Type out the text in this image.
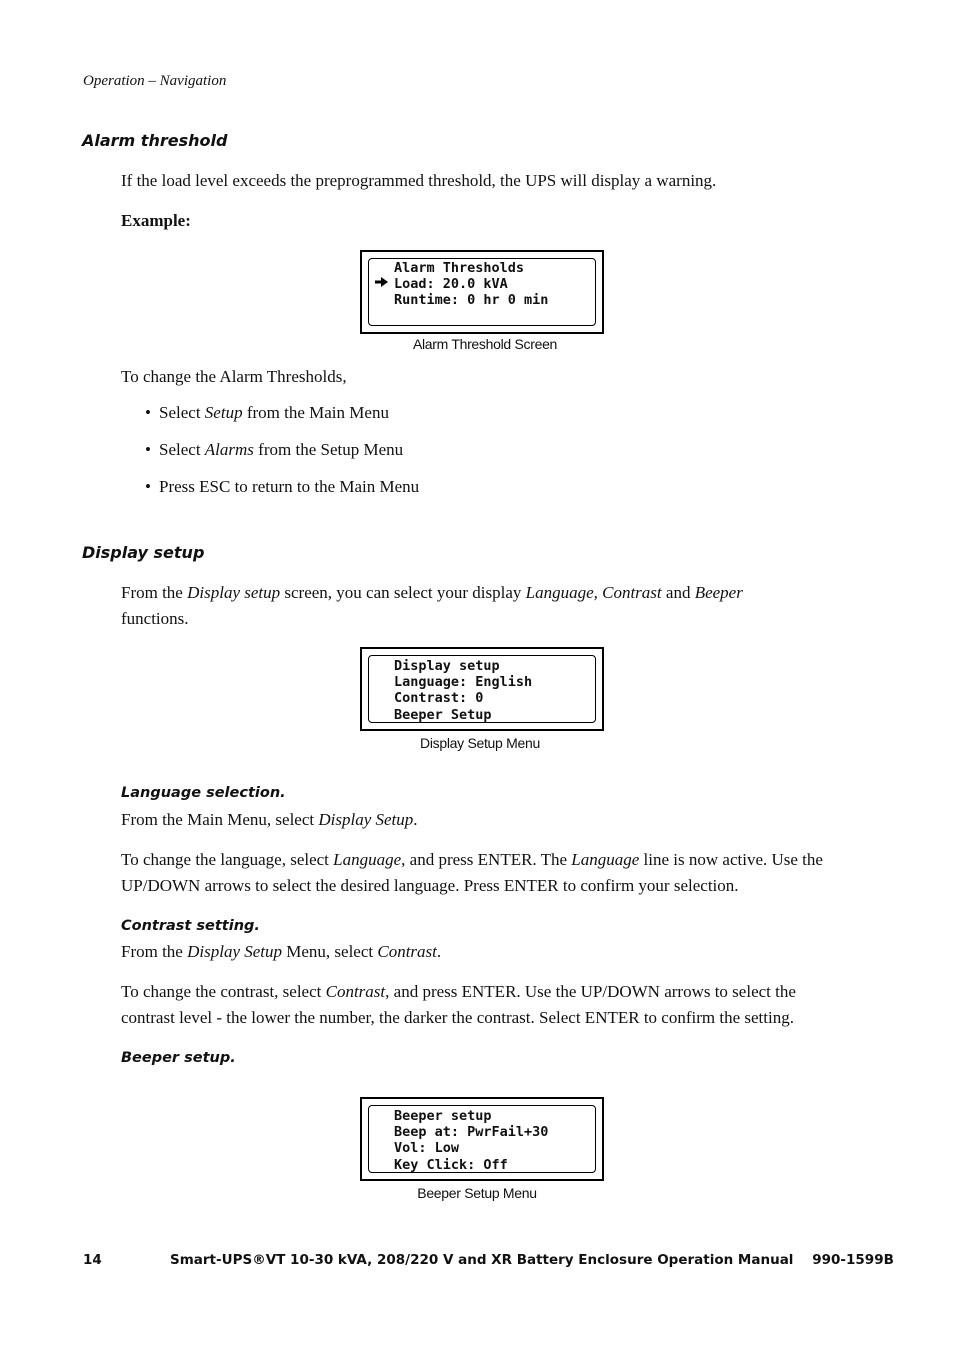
Operation – Navigation
Alarm threshold
If the load level exceeds the preprogrammed threshold, the UPS will display a warning.
Example:
Alarm Thresholds
Load: 20.0 kVA
Runtime: 0 hr 0 min
Alarm Threshold Screen
To change the Alarm Thresholds,
• Select Setup from the Main Menu
• Select Alarms from the Setup Menu
• Press ESC to return to the Main Menu
Display setup
From the Display setup screen, you can select your display Language, Contrast and Beeper
functions.
Display setup
Language: English
Contrast: 0
Beeper Setup
Display Setup Menu
Language selection.
From the Main Menu, select Display Setup.
To change the language, select Language, and press ENTER. The Language line is now active. Use the UP/DOWN arrows to select the desired language. Press ENTER to confirm your selection.
Contrast setting.
From the Display Setup Menu, select Contrast.
To change the contrast, select Contrast, and press ENTER. Use the UP/DOWN arrows to select the contrast level - the lower the number, the darker the contrast. Select ENTER to confirm the setting.
Beeper setup.
Beeper setup
Beep at: PwrFail+30
Vol: Low
Key Click: Off
Beeper Setup Menu
14	Smart-UPS®VT 10-30 kVA, 208/220 V and XR Battery Enclosure Operation Manual    990-1599B
